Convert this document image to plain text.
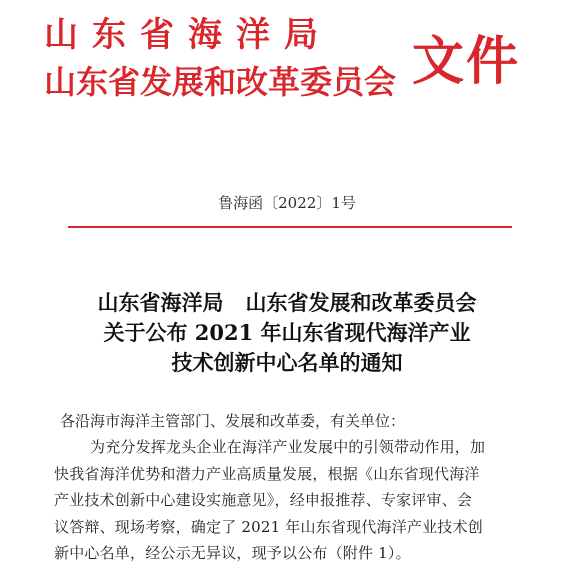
山东省海洋局
山东省发展和改革委员会 文件
鲁海函〔2022〕1号
山东省海洋局 山东省发展和改革委员会
关于公布 2021 年山东省现代海洋产业
技术创新中心名单的通知
各沿海市海洋主管部门、发展和改革委，有关单位：
为充分发挥龙头企业在海洋产业发展中的引领带动作用，加
快我省海洋优势和潜力产业高质量发展，根据《山东省现代海洋
产业技术创新中心建设实施意见》，经申报推荐、专家评审、会
议答辩、现场考察，确定了 2021 年山东省现代海洋产业技术创
新中心名单，经公示无异议，现予以公布（附件 1）。
